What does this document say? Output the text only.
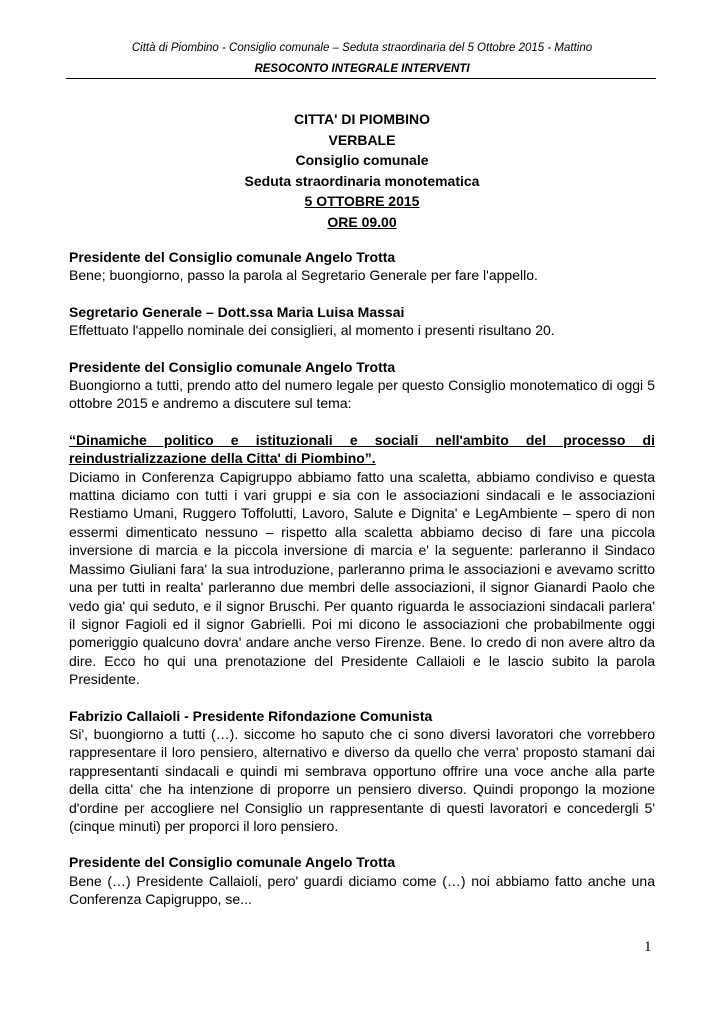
Città di Piombino - Consiglio comunale – Seduta straordinaria del 5 Ottobre 2015 - Mattino
RESOCONTO INTEGRALE INTERVENTI
CITTA' DI PIOMBINO
VERBALE
Consiglio comunale
Seduta straordinaria monotematica
5 OTTOBRE 2015
ORE 09.00

Presidente del Consiglio comunale Angelo Trotta

Bene; buongiorno, passo la parola al Segretario Generale per fare l'appello.

Segretario Generale – Dott.ssa Maria Luisa Massai

Effettuato l'appello nominale dei consiglieri, al momento i presenti risultano 20.

Presidente del Consiglio comunale Angelo Trotta

Buongiorno a tutti, prendo atto del numero legale per questo Consiglio monotematico di oggi 5 ottobre 2015 e andremo a discutere sul tema:

“Dinamiche politico e istituzionali e sociali nell'ambito del processo di reindustrializzazione della Citta' di Piombino”.

Diciamo in Conferenza Capigruppo abbiamo fatto una scaletta, abbiamo condiviso e questa mattina diciamo con tutti i vari gruppi e sia con le associazioni sindacali e le associazioni Restiamo Umani, Ruggero Toffolutti, Lavoro, Salute e Dignita' e LegAmbiente – spero di non essermi dimenticato nessuno – rispetto alla scaletta abbiamo deciso di fare una piccola inversione di marcia e la piccola inversione di marcia e' la seguente: parleranno il Sindaco Massimo Giuliani fara' la sua introduzione, parleranno prima le associazioni e avevamo scritto una per tutti in realta' parleranno due membri delle associazioni, il signor Gianardi Paolo che vedo gia' qui seduto, e il signor Bruschi. Per quanto riguarda le associazioni sindacali parlera' il signor Fagioli ed il signor Gabrielli. Poi mi dicono le associazioni che probabilmente oggi pomeriggio qualcuno dovra' andare anche verso Firenze. Bene. Io credo di non avere altro da dire. Ecco ho qui una prenotazione del Presidente Callaioli e le lascio subito la parola Presidente.

Fabrizio Callaioli - Presidente Rifondazione Comunista

Si', buongiorno a tutti (…). siccome ho saputo che ci sono diversi lavoratori che vorrebbero rappresentare il loro pensiero, alternativo e diverso da quello che verra' proposto stamani dai rappresentanti sindacali e quindi mi sembrava opportuno offrire una voce anche alla parte della citta' che ha intenzione di proporre un pensiero diverso. Quindi propongo la mozione d'ordine per accogliere nel Consiglio un rappresentante di questi lavoratori e concedergli 5' (cinque minuti) per proporci il loro pensiero.

Presidente del Consiglio comunale Angelo Trotta

Bene (…) Presidente Callaioli, pero' guardi diciamo come (…) noi abbiamo fatto anche una Conferenza Capigruppo, se...

1
